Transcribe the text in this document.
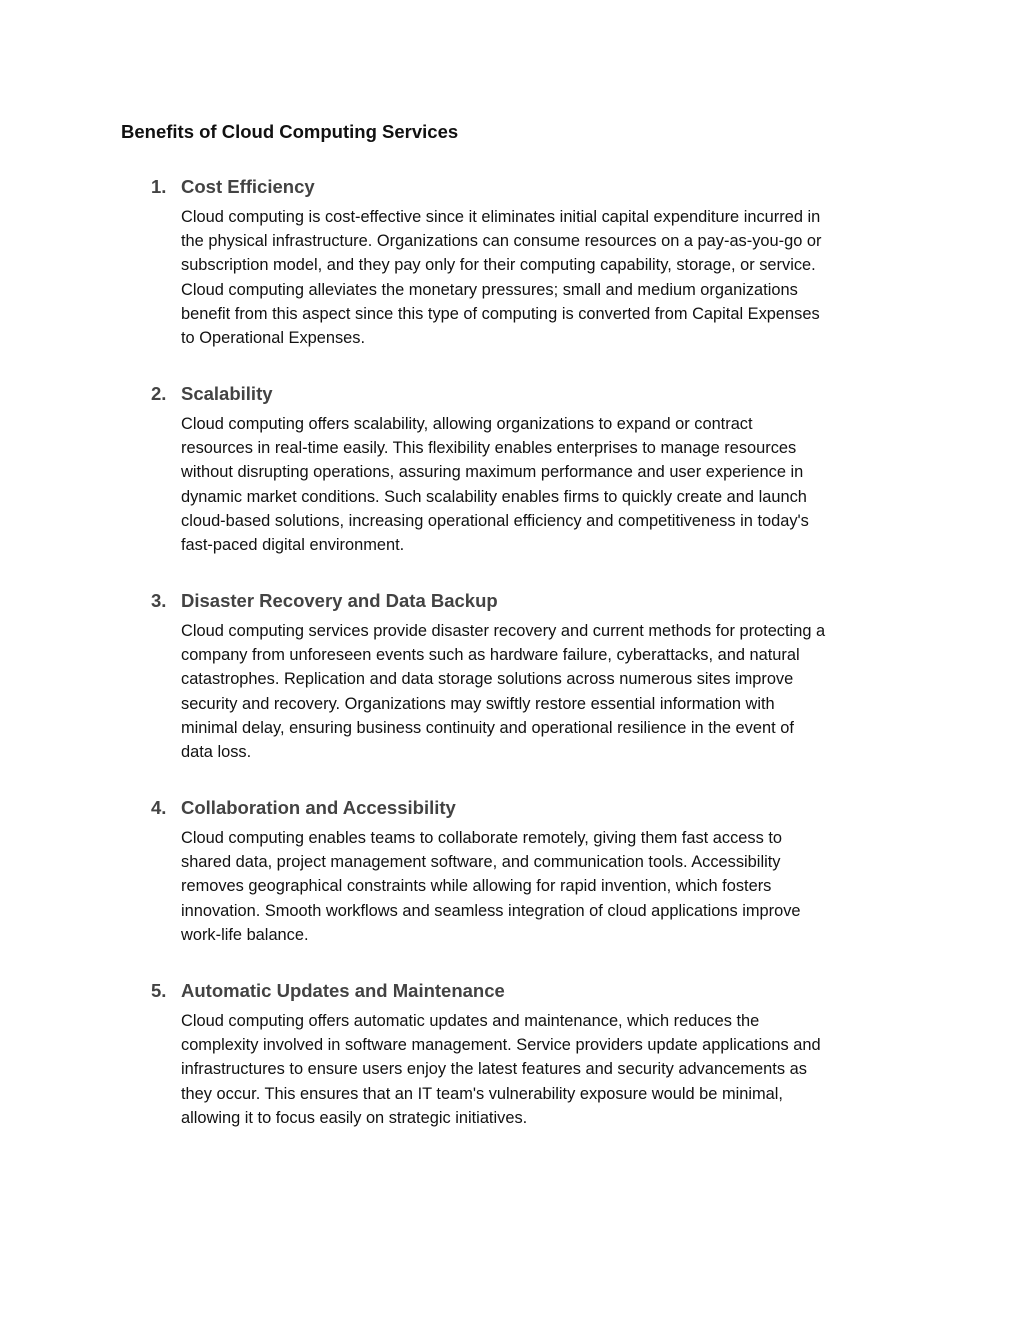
Benefits of Cloud Computing Services
1. Cost Efficiency

Cloud computing is cost-effective since it eliminates initial capital expenditure incurred in
the physical infrastructure. Organizations can consume resources on a pay-as-you-go or
subscription model, and they pay only for their computing capability, storage, or service.
Cloud computing alleviates the monetary pressures; small and medium organizations
benefit from this aspect since this type of computing is converted from Capital Expenses
to Operational Expenses.

2. Scalability

Cloud computing offers scalability, allowing organizations to expand or contract
resources in real-time easily. This flexibility enables enterprises to manage resources
without disrupting operations, assuring maximum performance and user experience in
dynamic market conditions. Such scalability enables firms to quickly create and launch
cloud-based solutions, increasing operational efficiency and competitiveness in today's
fast-paced digital environment.

3. Disaster Recovery and Data Backup

Cloud computing services provide disaster recovery and current methods for protecting a
company from unforeseen events such as hardware failure, cyberattacks, and natural
catastrophes. Replication and data storage solutions across numerous sites improve
security and recovery. Organizations may swiftly restore essential information with
minimal delay, ensuring business continuity and operational resilience in the event of
data loss.

4. Collaboration and Accessibility

Cloud computing enables teams to collaborate remotely, giving them fast access to
shared data, project management software, and communication tools. Accessibility
removes geographical constraints while allowing for rapid invention, which fosters
innovation. Smooth workflows and seamless integration of cloud applications improve
work-life balance.

5. Automatic Updates and Maintenance

Cloud computing offers automatic updates and maintenance, which reduces the
complexity involved in software management. Service providers update applications and
infrastructures to ensure users enjoy the latest features and security advancements as
they occur. This ensures that an IT team's vulnerability exposure would be minimal,
allowing it to focus easily on strategic initiatives.
